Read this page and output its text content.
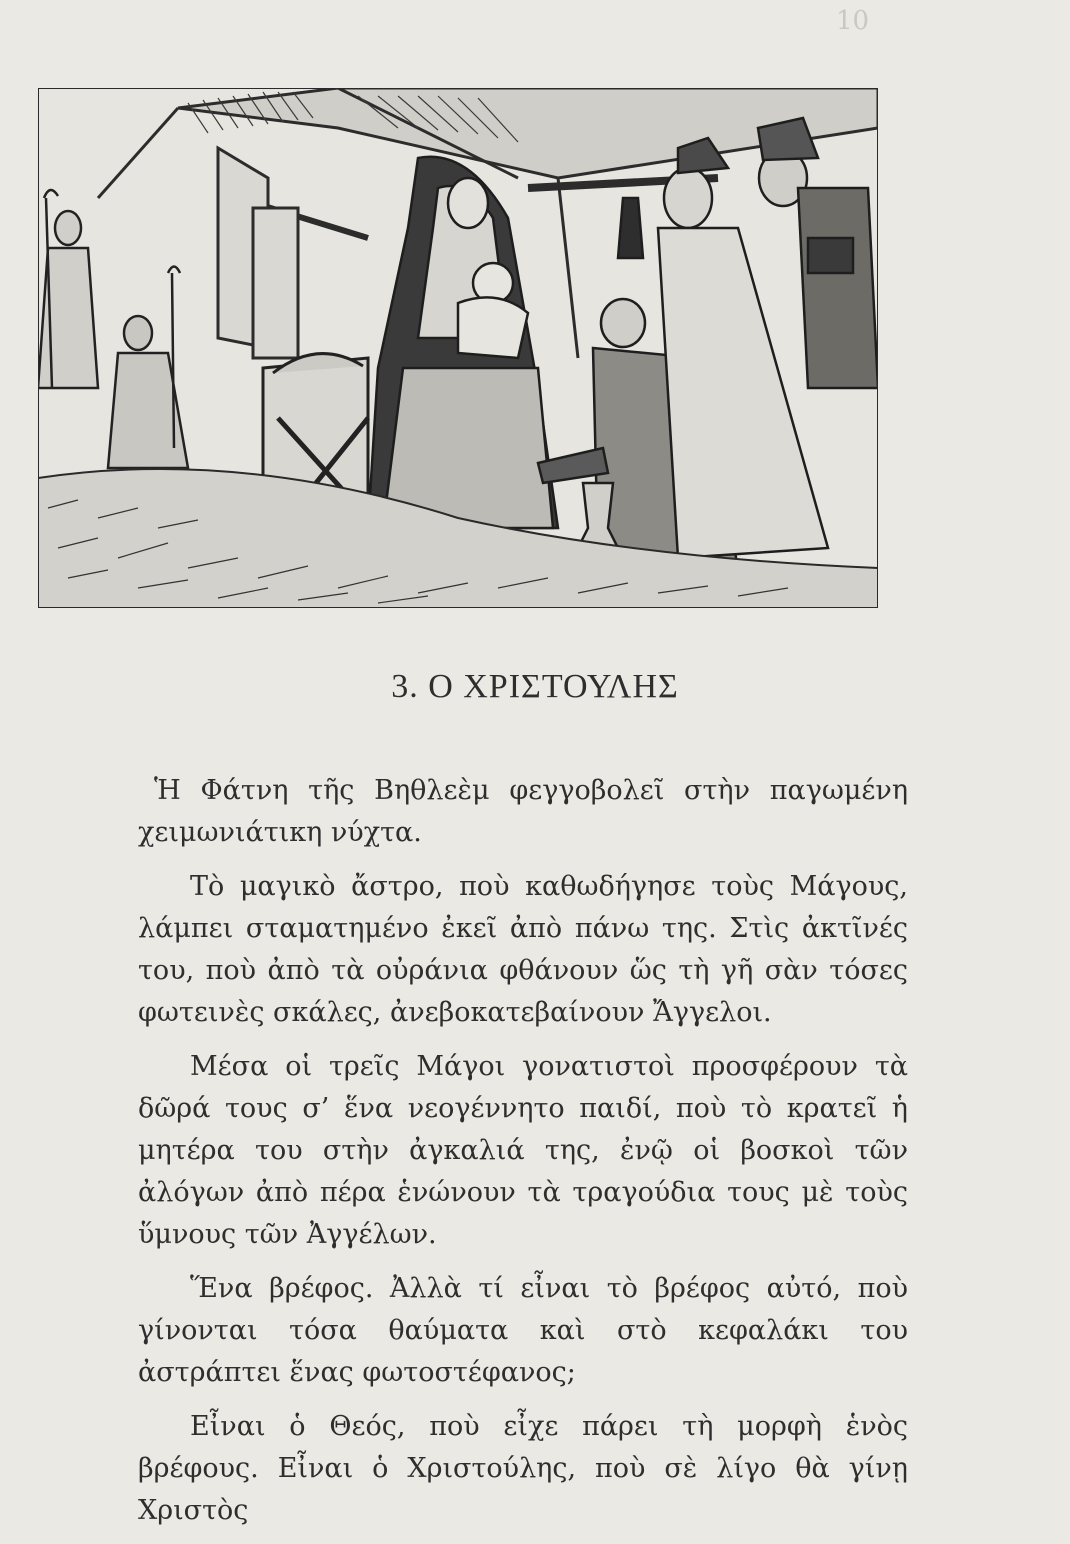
10
3. Ο ΧΡΙΣΤΟΥΛΗΣ

Ἡ Φάτνη τῆς Βηθλεὲμ φεγγοβολεῖ στὴν παγωμένη χειμωνιάτικη νύχτα.

Τὸ μαγικὸ ἄστρο, ποὺ καθωδήγησε τοὺς Μάγους, λάμπει σταματημένο ἐκεῖ ἀπὸ πάνω της. Στὶς ἀκτῖνές του, ποὺ ἀπὸ τὰ οὐράνια φθάνουν ὥς τὴ γῆ σὰν τόσες φωτεινὲς σκάλες, ἀνεβοκατεβαίνουν Ἄγγελοι.

Μέσα οἱ τρεῖς Μάγοι γονατιστοὶ προσφέρουν τὰ δῶρά τους σ’ ἕνα νεογέννητο παιδί, ποὺ τὸ κρατεῖ ἡ μητέρα του στὴν ἀγκαλιά της, ἐνῷ οἱ βοσκοὶ τῶν ἀλόγων ἀπὸ πέρα ἑνώνουν τὰ τραγούδια τους μὲ τοὺς ὕμνους τῶν Ἀγγέλων.

Ἕνα βρέφος. Ἀλλὰ τί εἶναι τὸ βρέφος αὐτό, ποὺ γίνονται τόσα θαύματα καὶ στὸ κεφαλάκι του ἀστράπτει ἕνας φωτοστέφανος;

Εἶναι ὁ Θεός, ποὺ εἶχε πάρει τὴ μορφὴ ἑνὸς βρέφους. Εἶναι ὁ Χριστούλης, ποὺ σὲ λίγο θὰ γίνῃ Χριστὸς
